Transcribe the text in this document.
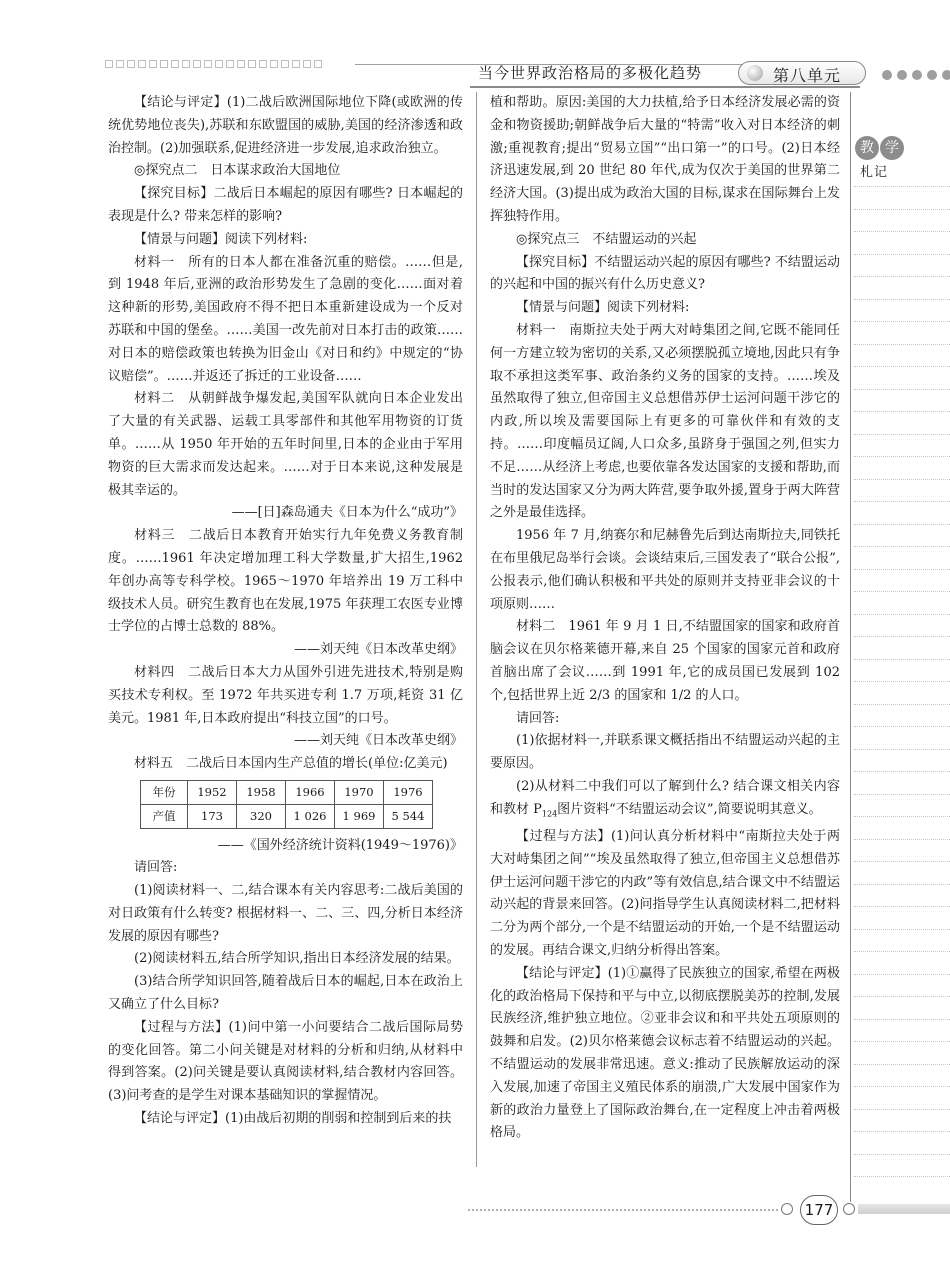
当今世界政治格局的多极化趋势	第八单元

【结论与评定】(1)二战后欧洲国际地位下降(或欧洲的传统优势地位丧失),苏联和东欧盟国的威胁,美国的经济渗透和政治控制。(2)加强联系,促进经济进一步发展,追求政治独立。

◎探究点二　日本谋求政治大国地位

【探究目标】二战后日本崛起的原因有哪些? 日本崛起的表现是什么? 带来怎样的影响?

【情景与问题】阅读下列材料:

材料一　所有的日本人都在准备沉重的赔偿。……但是,到 1948 年后,亚洲的政治形势发生了急剧的变化……面对着这种新的形势,美国政府不得不把日本重新建设成为一个反对苏联和中国的堡垒。……美国一改先前对日本打击的政策……对日本的赔偿政策也转换为旧金山《对日和约》中规定的“协议赔偿”。……并返还了拆迁的工业设备……

材料二　从朝鲜战争爆发起,美国军队就向日本企业发出了大量的有关武器、运载工具零部件和其他军用物资的订货单。……从 1950 年开始的五年时间里,日本的企业由于军用物资的巨大需求而发达起来。……对于日本来说,这种发展是极其幸运的。

——[日]森岛通夫《日本为什么“成功”》

材料三　二战后日本教育开始实行九年免费义务教育制度。……1961 年决定增加理工科大学数量,扩大招生,1962 年创办高等专科学校。1965～1970 年培养出 19 万工科中级技术人员。研究生教育也在发展,1975 年获理工农医专业博士学位的占博士总数的 88%。

——刘天纯《日本改革史纲》

材料四　二战后日本大力从国外引进先进技术,特别是购买技术专利权。至 1972 年共买进专利 1.7 万项,耗资 31 亿美元。1981 年,日本政府提出“科技立国”的口号。

——刘天纯《日本改革史纲》

材料五　二战后日本国内生产总值的增长(单位:亿美元)

年份	1952	1958	1966	1970	1976
产值	173	320	1 026	1 969	5 544

——《国外经济统计资料(1949～1976)》

请回答:

(1)阅读材料一、二,结合课本有关内容思考:二战后美国的对日政策有什么转变? 根据材料一、二、三、四,分析日本经济发展的原因有哪些?

(2)阅读材料五,结合所学知识,指出日本经济发展的结果。

(3)结合所学知识回答,随着战后日本的崛起,日本在政治上又确立了什么目标?

【过程与方法】(1)问中第一小问要结合二战后国际局势的变化回答。第二小问关键是对材料的分析和归纳,从材料中得到答案。(2)问关键是要认真阅读材料,结合教材内容回答。(3)问考查的是学生对课本基础知识的掌握情况。

【结论与评定】(1)由战后初期的削弱和控制到后来的扶

植和帮助。原因:美国的大力扶植,给予日本经济发展必需的资金和物资援助;朝鲜战争后大量的“特需”收入对日本经济的刺激;重视教育;提出“贸易立国”“出口第一”的口号。(2)日本经济迅速发展,到 20 世纪 80 年代,成为仅次于美国的世界第二经济大国。(3)提出成为政治大国的目标,谋求在国际舞台上发挥独特作用。

◎探究点三　不结盟运动的兴起

【探究目标】不结盟运动兴起的原因有哪些? 不结盟运动的兴起和中国的振兴有什么历史意义?

【情景与问题】阅读下列材料:

材料一　南斯拉夫处于两大对峙集团之间,它既不能同任何一方建立较为密切的关系,又必须摆脱孤立境地,因此只有争取不承担这类军事、政治条约义务的国家的支持。……埃及虽然取得了独立,但帝国主义总想借苏伊士运河问题干涉它的内政,所以埃及需要国际上有更多的可靠伙伴和有效的支持。……印度幅员辽阔,人口众多,虽跻身于强国之列,但实力不足……从经济上考虑,也要依靠各发达国家的支援和帮助,而当时的发达国家又分为两大阵营,要争取外援,置身于两大阵营之外是最佳选择。

1956 年 7 月,纳赛尔和尼赫鲁先后到达南斯拉夫,同铁托在布里俄尼岛举行会谈。会谈结束后,三国发表了“联合公报”,公报表示,他们确认积极和平共处的原则并支持亚非会议的十项原则……

材料二　1961 年 9 月 1 日,不结盟国家的国家和政府首脑会议在贝尔格莱德开幕,来自 25 个国家的国家元首和政府首脑出席了会议……到 1991 年,它的成员国已发展到 102 个,包括世界上近 2/3 的国家和 1/2 的人口。

请回答:

(1)依据材料一,并联系课文概括指出不结盟运动兴起的主要原因。

(2)从材料二中我们可以了解到什么? 结合课文相关内容和教材 $P_{124}$图片资料“不结盟运动会议”,简要说明其意义。

【过程与方法】(1)问认真分析材料中“南斯拉夫处于两大对峙集团之间”“埃及虽然取得了独立,但帝国主义总想借苏伊士运河问题干涉它的内政”等有效信息,结合课文中不结盟运动兴起的背景来回答。(2)问指导学生认真阅读材料二,把材料二分为两个部分,一个是不结盟运动的开始,一个是不结盟运动的发展。再结合课文,归纳分析得出答案。

【结论与评定】(1)①赢得了民族独立的国家,希望在两极化的政治格局下保持和平与中立,以彻底摆脱美苏的控制,发展民族经济,维护独立地位。②亚非会议和和平共处五项原则的鼓舞和启发。(2)贝尔格莱德会议标志着不结盟运动的兴起。不结盟运动的发展非常迅速。意义:推动了民族解放运动的深入发展,加速了帝国主义殖民体系的崩溃,广大发展中国家作为新的政治力量登上了国际政治舞台,在一定程度上冲击着两极格局。

教 学
札记
177
